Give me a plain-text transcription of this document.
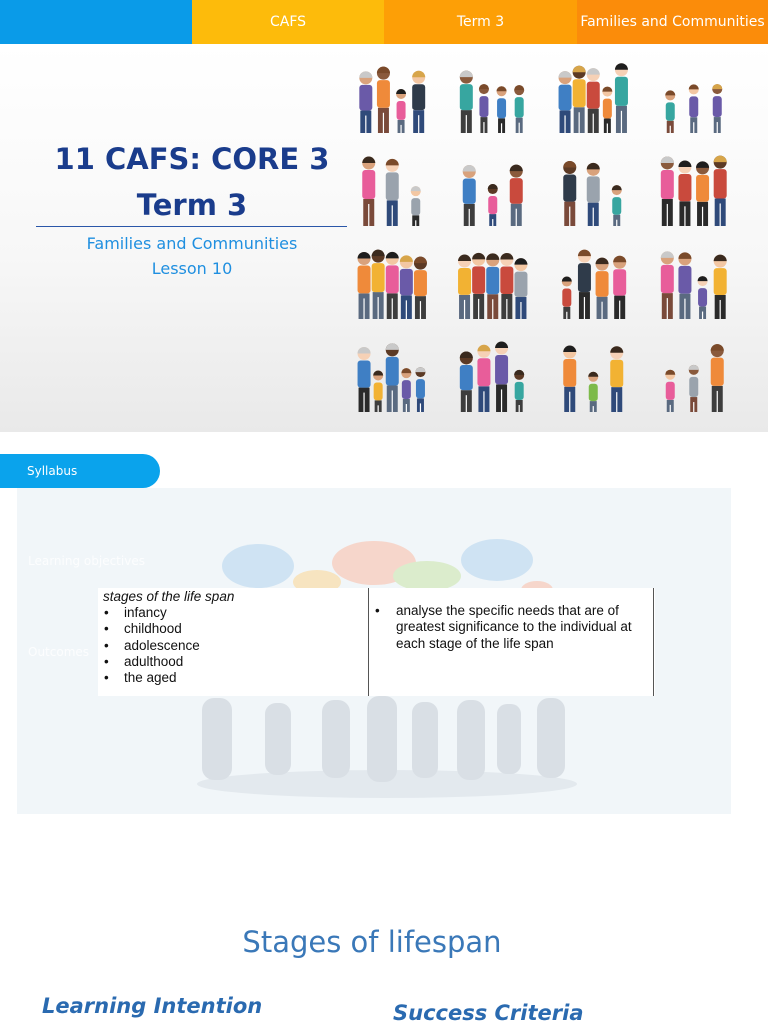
CAFS	Term 3	Families and Communities
11 CAFS: CORE 3
Term 3
Families and Communities
Lesson 10
Syllabus
Learning objectives
Outcomes
stages of the life span
• infancy
• childhood
• adolescence
• adulthood
• the aged
• analyse the specific needs that are of greatest significance to the individual at each stage of the life span
Stages of lifespan
Learning Intention	Success Criteria
